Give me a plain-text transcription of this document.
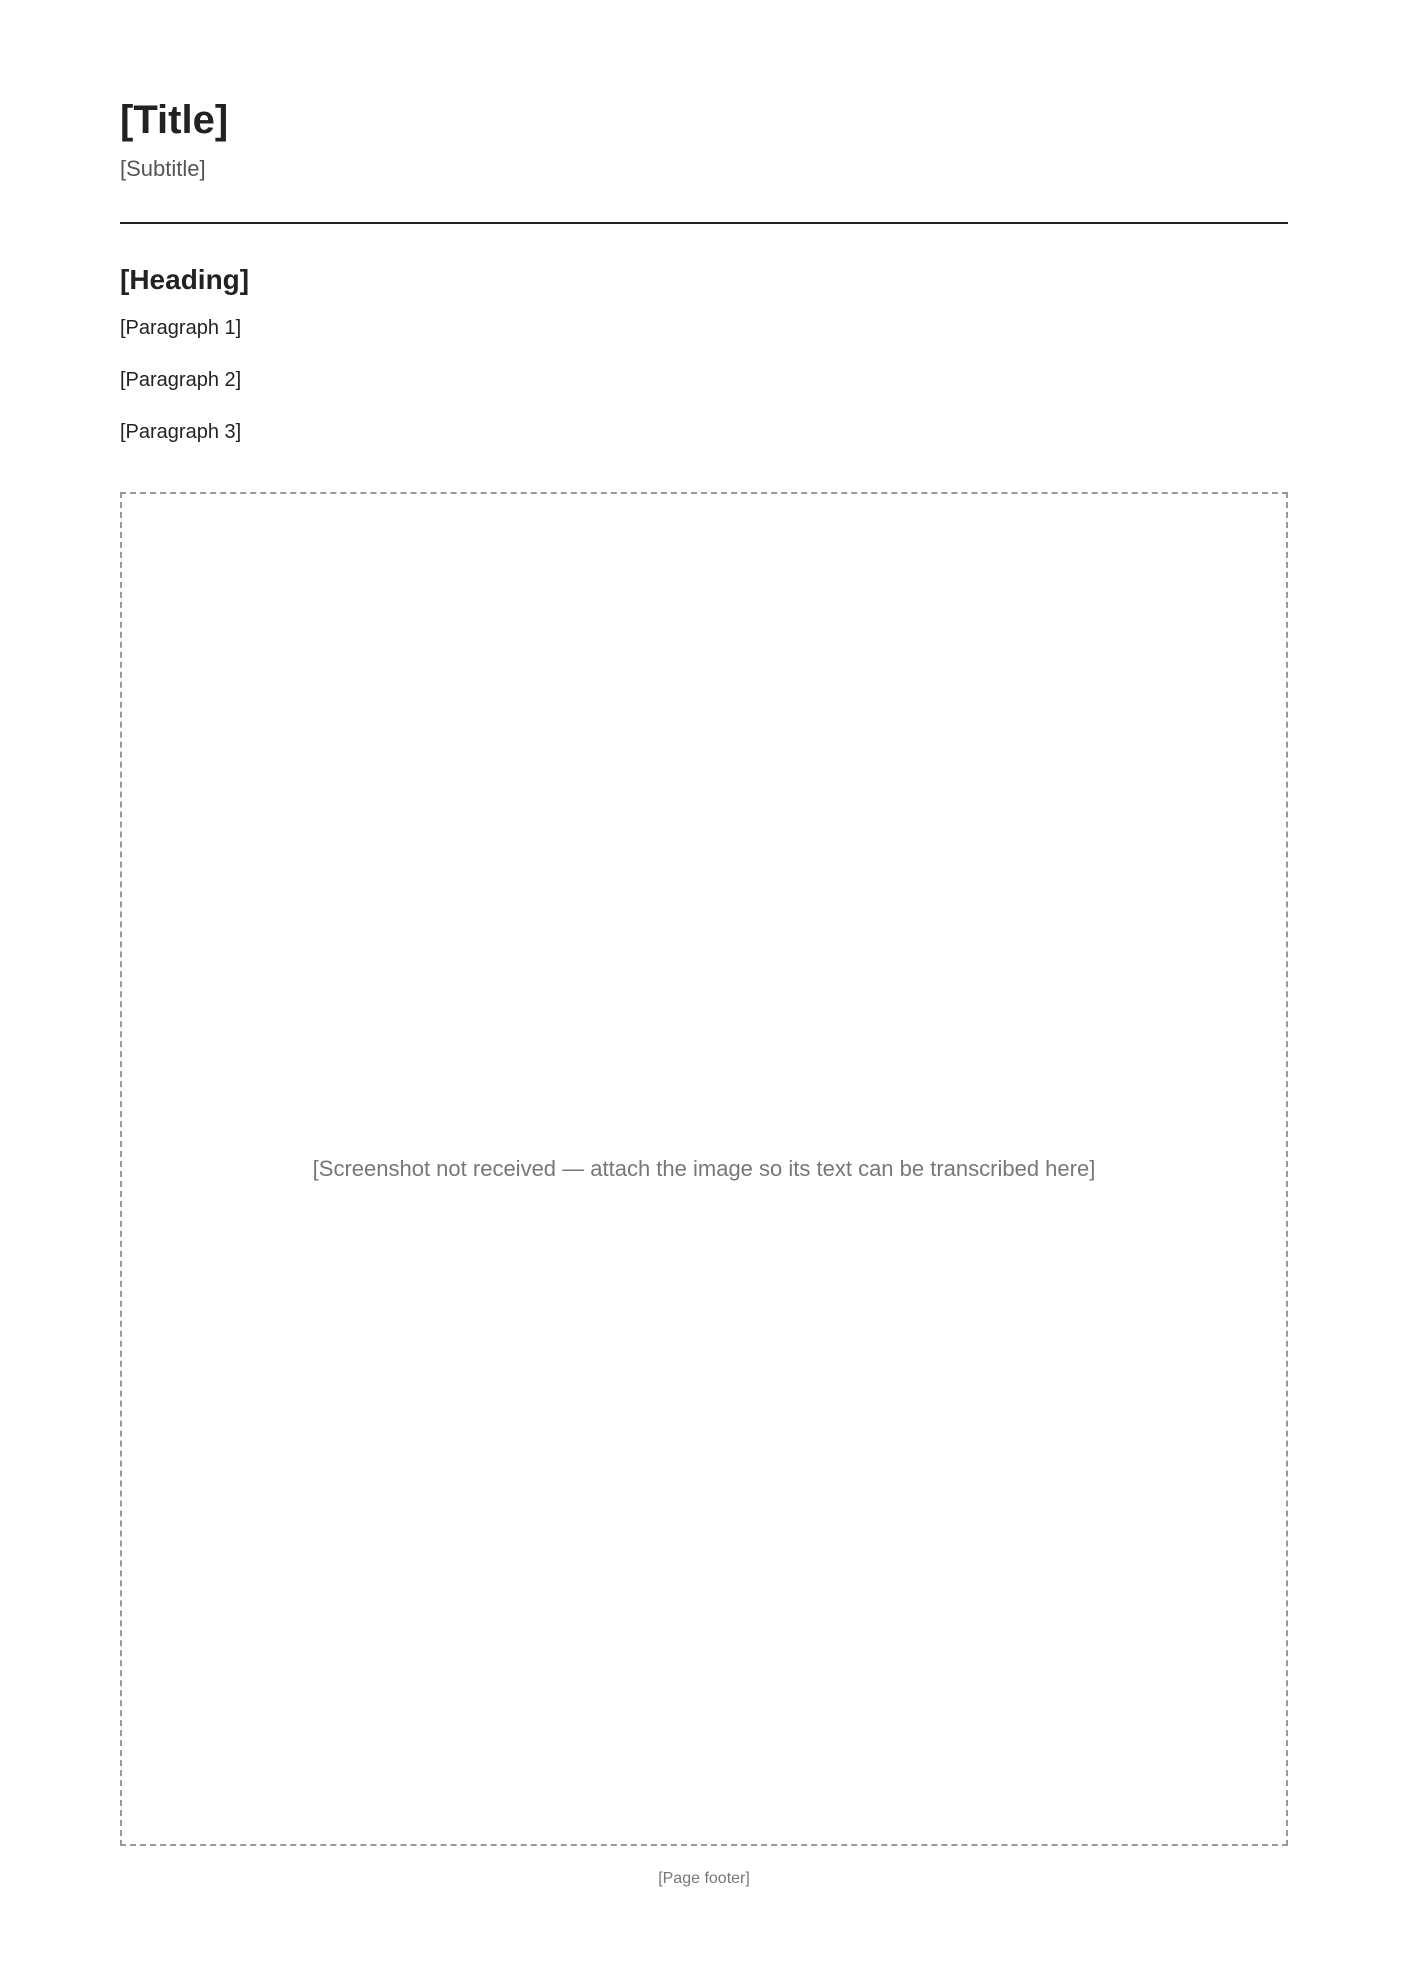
[Title]

[Subtitle]

[Heading]

[Paragraph 1]

[Paragraph 2]

[Paragraph 3]

[Screenshot not received — attach the image so its text can be transcribed here]
[Page footer]
